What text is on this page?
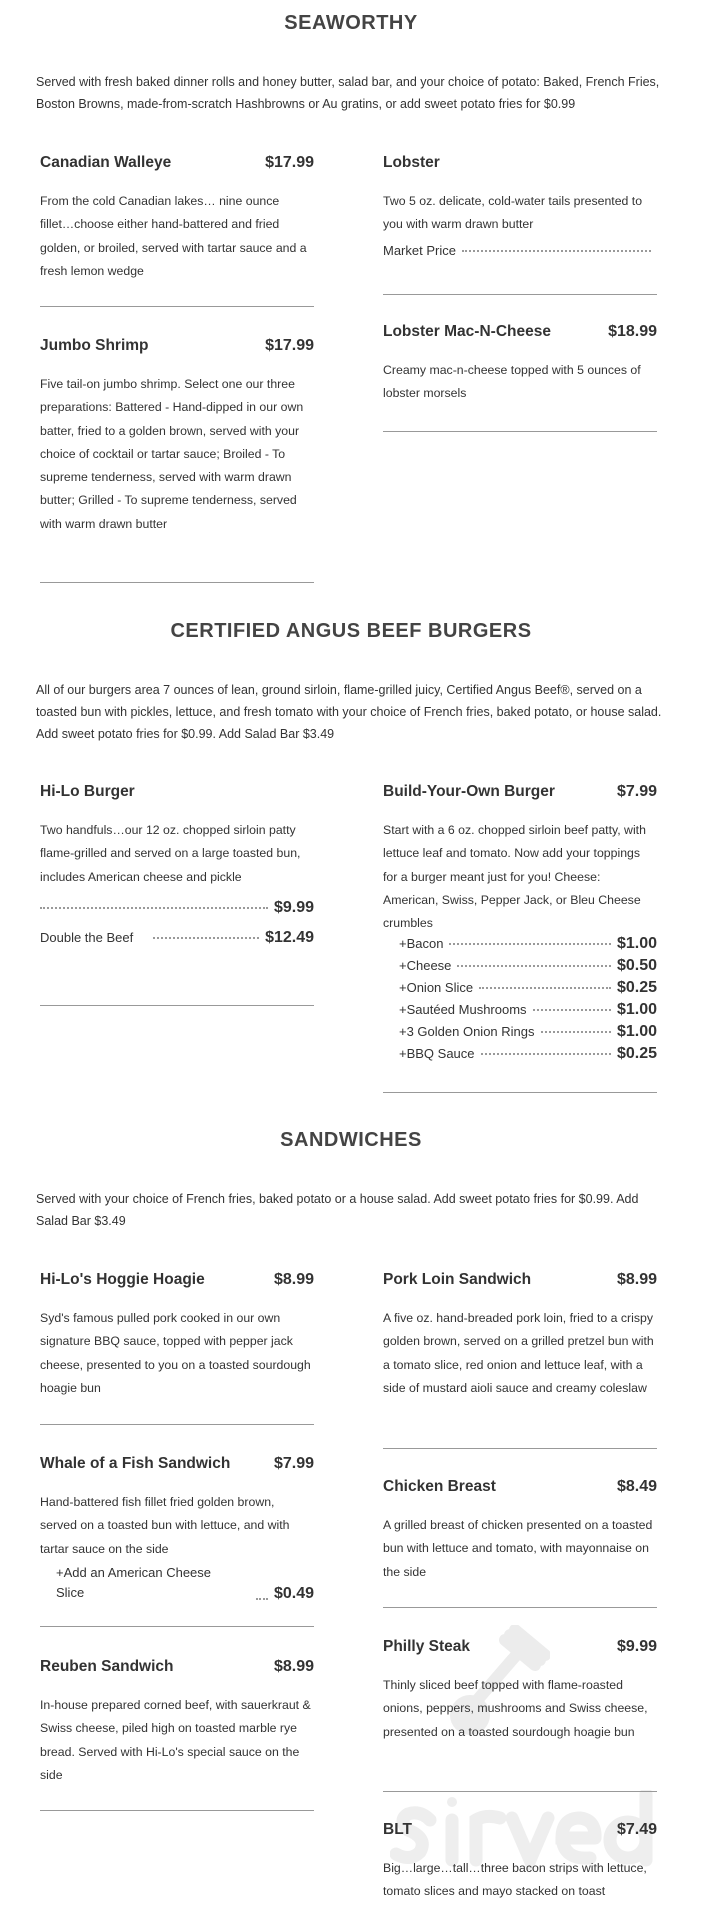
SEAWORTHY
Served with fresh baked dinner rolls and honey butter, salad bar, and your choice of potato: Baked, French Fries, Boston Browns, made-from-scratch Hashbrowns or Au gratins, or add sweet potato fries for $0.99
Canadian Walleye	$17.99
From the cold Canadian lakes… nine ounce fillet…choose either hand-battered and fried golden, or broiled, served with tartar sauce and a fresh lemon wedge
Jumbo Shrimp	$17.99
Five tail-on jumbo shrimp. Select one our three preparations: Battered - Hand-dipped in our own batter, fried to a golden brown, served with your choice of cocktail or tartar sauce; Broiled - To supreme tenderness, served with warm drawn butter; Grilled - To supreme tenderness, served with warm drawn butter
Lobster
Two 5 oz. delicate, cold-water tails presented to you with warm drawn butter
Market Price
Lobster Mac-N-Cheese	$18.99
Creamy mac-n-cheese topped with 5 ounces of lobster morsels
CERTIFIED ANGUS BEEF BURGERS
All of our burgers area 7 ounces of lean, ground sirloin, flame-grilled juicy, Certified Angus Beef®, served on a toasted bun with pickles, lettuce, and fresh tomato with your choice of French fries, baked potato, or house salad. Add sweet potato fries for $0.99. Add Salad Bar $3.49
Hi-Lo Burger
Two handfuls…our 12 oz. chopped sirloin patty flame-grilled and served on a large toasted bun, includes American cheese and pickle
$9.99
Double the Beef	$12.49
Build-Your-Own Burger	$7.99
Start with a 6 oz. chopped sirloin beef patty, with lettuce leaf and tomato. Now add your toppings for a burger meant just for you! Cheese: American, Swiss, Pepper Jack, or Bleu Cheese crumbles
+Bacon	$1.00
+Cheese	$0.50
+Onion Slice	$0.25
+Sautéed Mushrooms	$1.00
+3 Golden Onion Rings	$1.00
+BBQ Sauce	$0.25
SANDWICHES
Served with your choice of French fries, baked potato or a house salad. Add sweet potato fries for $0.99. Add Salad Bar $3.49
Hi-Lo's Hoggie Hoagie	$8.99
Syd's famous pulled pork cooked in our own signature BBQ sauce, topped with pepper jack cheese, presented to you on a toasted sourdough hoagie bun
Whale of a Fish Sandwich	$7.99
Hand-battered fish fillet fried golden brown, served on a toasted bun with lettuce, and with tartar sauce on the side
+Add an American Cheese Slice	$0.49
Reuben Sandwich	$8.99
In-house prepared corned beef, with sauerkraut & Swiss cheese, piled high on toasted marble rye bread. Served with Hi-Lo's special sauce on the side
Pork Loin Sandwich	$8.99
A five oz. hand-breaded pork loin, fried to a crispy golden brown, served on a grilled pretzel bun with a tomato slice, red onion and lettuce leaf, with a side of mustard aioli sauce and creamy coleslaw
Chicken Breast	$8.49
A grilled breast of chicken presented on a toasted bun with lettuce and tomato, with mayonnaise on the side
Philly Steak	$9.99
Thinly sliced beef topped with flame-roasted onions, peppers, mushrooms and Swiss cheese, presented on a toasted sourdough hoagie bun
BLT	$7.49
Big…large…tall…three bacon strips with lettuce, tomato slices and mayo stacked on toast
